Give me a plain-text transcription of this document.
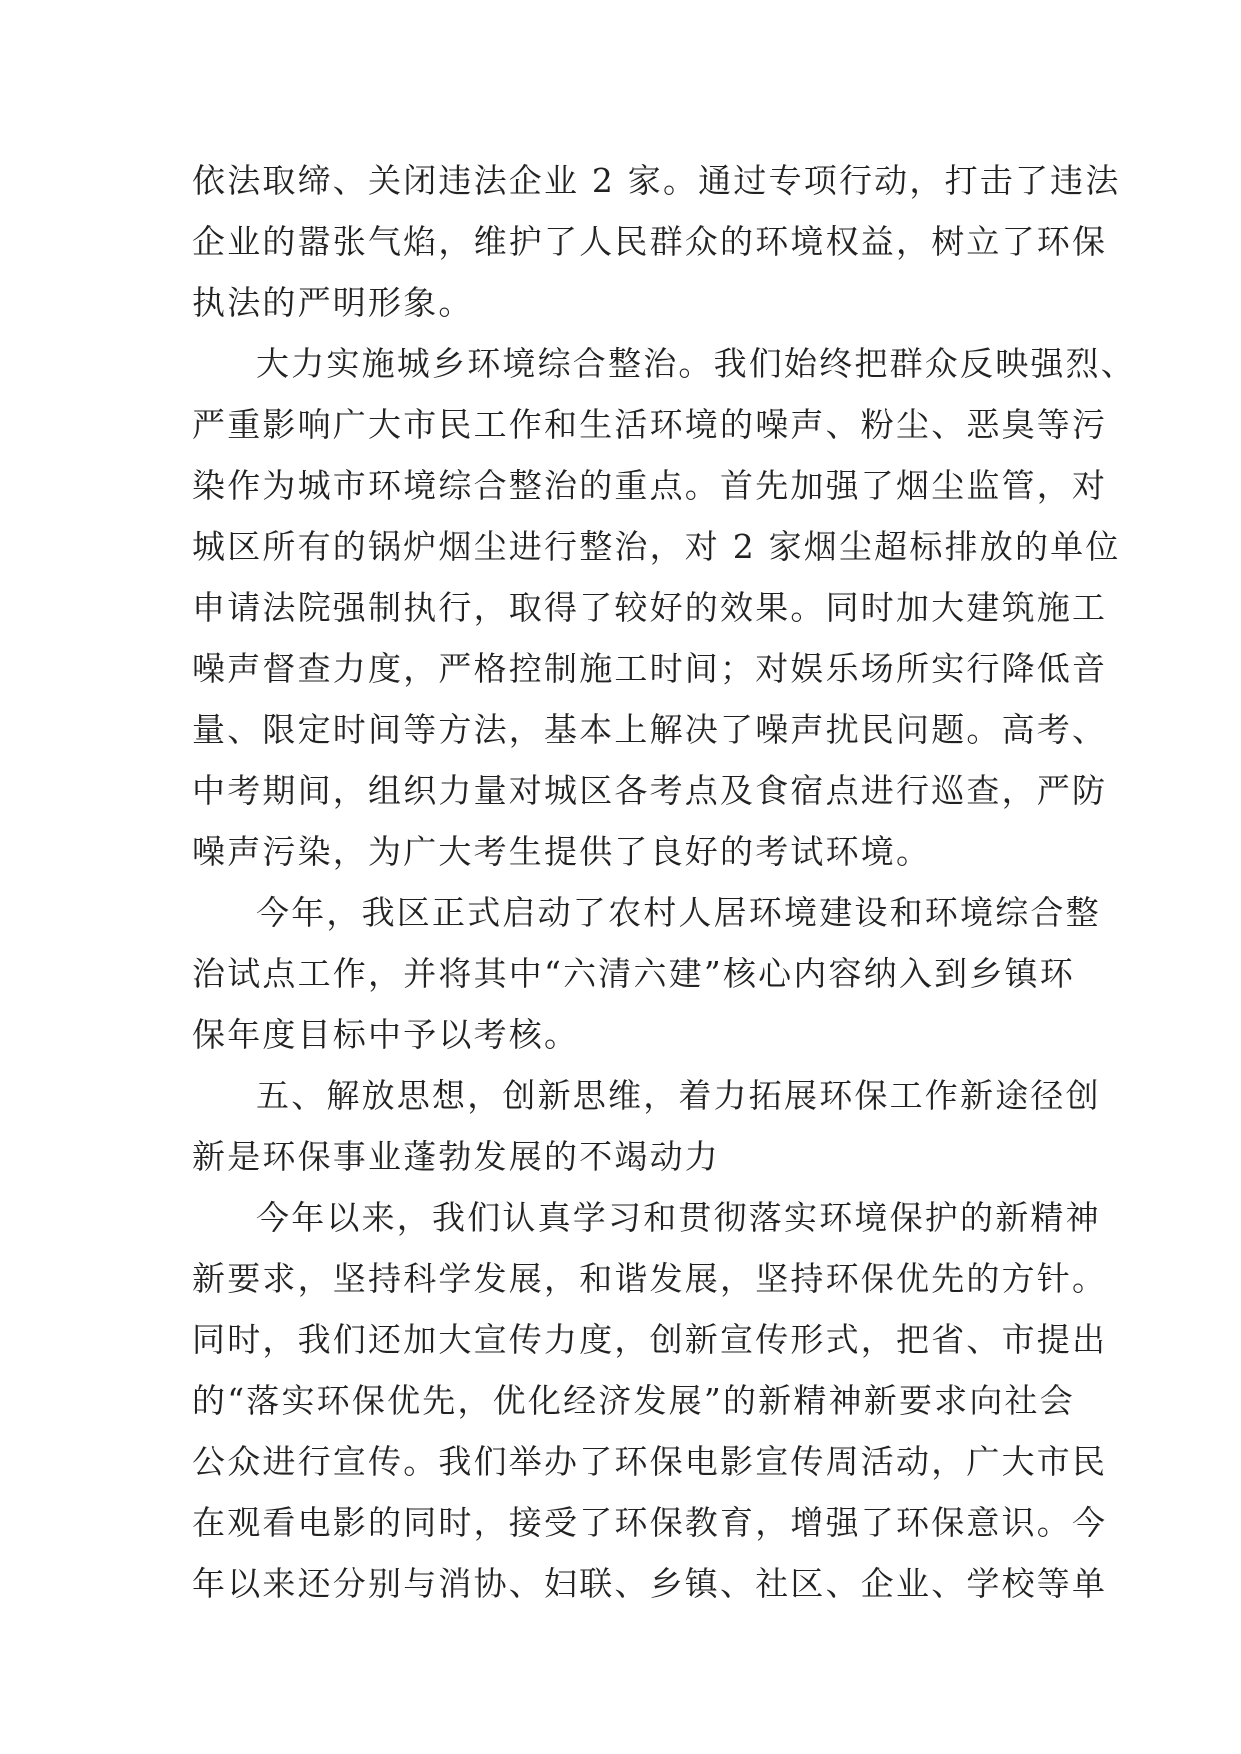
依法取缔、关闭违法企业 2 家。通过专项行动，打击了违法
企业的嚣张气焰，维护了人民群众的环境权益，树立了环保
执法的严明形象。
大力实施城乡环境综合整治。我们始终把群众反映强烈、
严重影响广大市民工作和生活环境的噪声、粉尘、恶臭等污
染作为城市环境综合整治的重点。首先加强了烟尘监管，对
城区所有的锅炉烟尘进行整治，对 2 家烟尘超标排放的单位
申请法院强制执行，取得了较好的效果。同时加大建筑施工
噪声督查力度，严格控制施工时间；对娱乐场所实行降低音
量、限定时间等方法，基本上解决了噪声扰民问题。高考、
中考期间，组织力量对城区各考点及食宿点进行巡查，严防
噪声污染，为广大考生提供了良好的考试环境。
今年，我区正式启动了农村人居环境建设和环境综合整
治试点工作，并将其中“六清六建”核心内容纳入到乡镇环
保年度目标中予以考核。
五、解放思想，创新思维，着力拓展环保工作新途径创
新是环保事业蓬勃发展的不竭动力
今年以来，我们认真学习和贯彻落实环境保护的新精神
新要求，坚持科学发展，和谐发展，坚持环保优先的方针。
同时，我们还加大宣传力度，创新宣传形式，把省、市提出
的“落实环保优先，优化经济发展”的新精神新要求向社会
公众进行宣传。我们举办了环保电影宣传周活动，广大市民
在观看电影的同时，接受了环保教育，增强了环保意识。今
年以来还分别与消协、妇联、乡镇、社区、企业、学校等单
